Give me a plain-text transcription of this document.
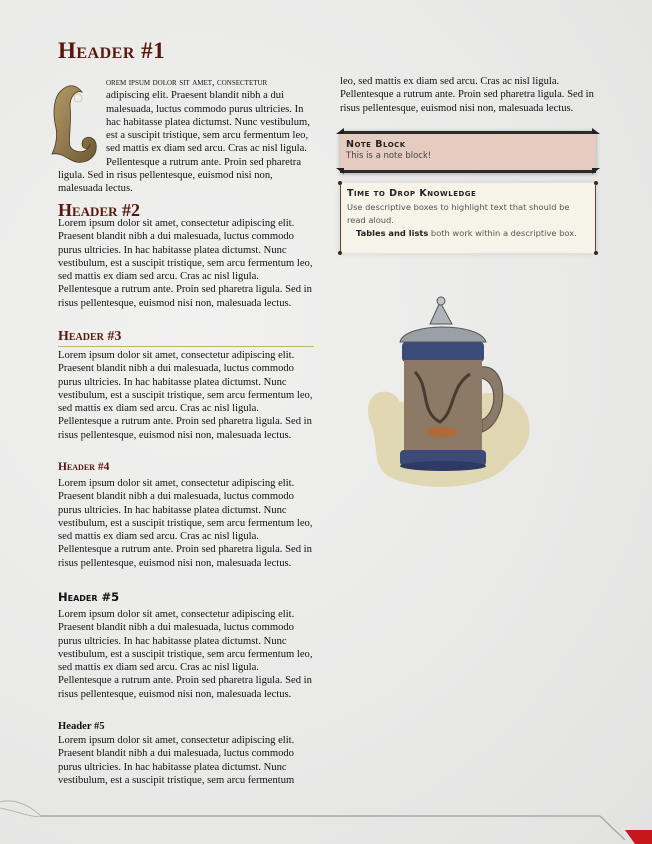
Header #1

orem ipsum dolor sit amet, consectetur
adipiscing elit. Praesent blandit nibh a dui malesuada, luctus commodo purus ultricies. In hac habitasse platea dictumst. Nunc vestibulum, est a suscipit tristique, sem arcu fermentum leo, sed mattis ex diam sed arcu. Cras ac nisl ligula. Pellentesque a rutrum ante. Proin sed pharetra ligula. Sed in risus pellentesque, euismod nisi non, malesuada lectus.

Header #2

Lorem ipsum dolor sit amet, consectetur adipiscing elit. Praesent blandit nibh a dui malesuada, luctus commodo purus ultricies. In hac habitasse platea dictumst. Nunc vestibulum, est a suscipit tristique, sem arcu fermentum leo, sed mattis ex diam sed arcu. Cras ac nisl ligula. Pellentesque a rutrum ante. Proin sed pharetra ligula. Sed in risus pellentesque, euismod nisi non, malesuada lectus.

Header #3

Lorem ipsum dolor sit amet, consectetur adipiscing elit. Praesent blandit nibh a dui malesuada, luctus commodo purus ultricies. In hac habitasse platea dictumst. Nunc vestibulum, est a suscipit tristique, sem arcu fermentum leo, sed mattis ex diam sed arcu. Cras ac nisl ligula. Pellentesque a rutrum ante. Proin sed pharetra ligula. Sed in risus pellentesque, euismod nisi non, malesuada lectus.

Header #4

Lorem ipsum dolor sit amet, consectetur adipiscing elit. Praesent blandit nibh a dui malesuada, luctus commodo purus ultricies. In hac habitasse platea dictumst. Nunc vestibulum, est a suscipit tristique, sem arcu fermentum leo, sed mattis ex diam sed arcu. Cras ac nisl ligula. Pellentesque a rutrum ante. Proin sed pharetra ligula. Sed in risus pellentesque, euismod nisi non, malesuada lectus.

Header #5

Lorem ipsum dolor sit amet, consectetur adipiscing elit. Praesent blandit nibh a dui malesuada, luctus commodo purus ultricies. In hac habitasse platea dictumst. Nunc vestibulum, est a suscipit tristique, sem arcu fermentum leo, sed mattis ex diam sed arcu. Cras ac nisl ligula. Pellentesque a rutrum ante. Proin sed pharetra ligula. Sed in risus pellentesque, euismod nisi non, malesuada lectus.

Header #5

Lorem ipsum dolor sit amet, consectetur adipiscing elit. Praesent blandit nibh a dui malesuada, luctus commodo purus ultricies. In hac habitasse platea dictumst. Nunc vestibulum, est a suscipit tristique, sem arcu fermentum

leo, sed mattis ex diam sed arcu. Cras ac nisl ligula. Pellentesque a rutrum ante. Proin sed pharetra ligula. Sed in risus pellentesque, euismod nisi non, malesuada lectus.

Note Block
This is a note block!
Time to Drop Knowledge
Use descriptive boxes to highlight text that should be read aloud.
Tables and lists both work within a descriptive box.
